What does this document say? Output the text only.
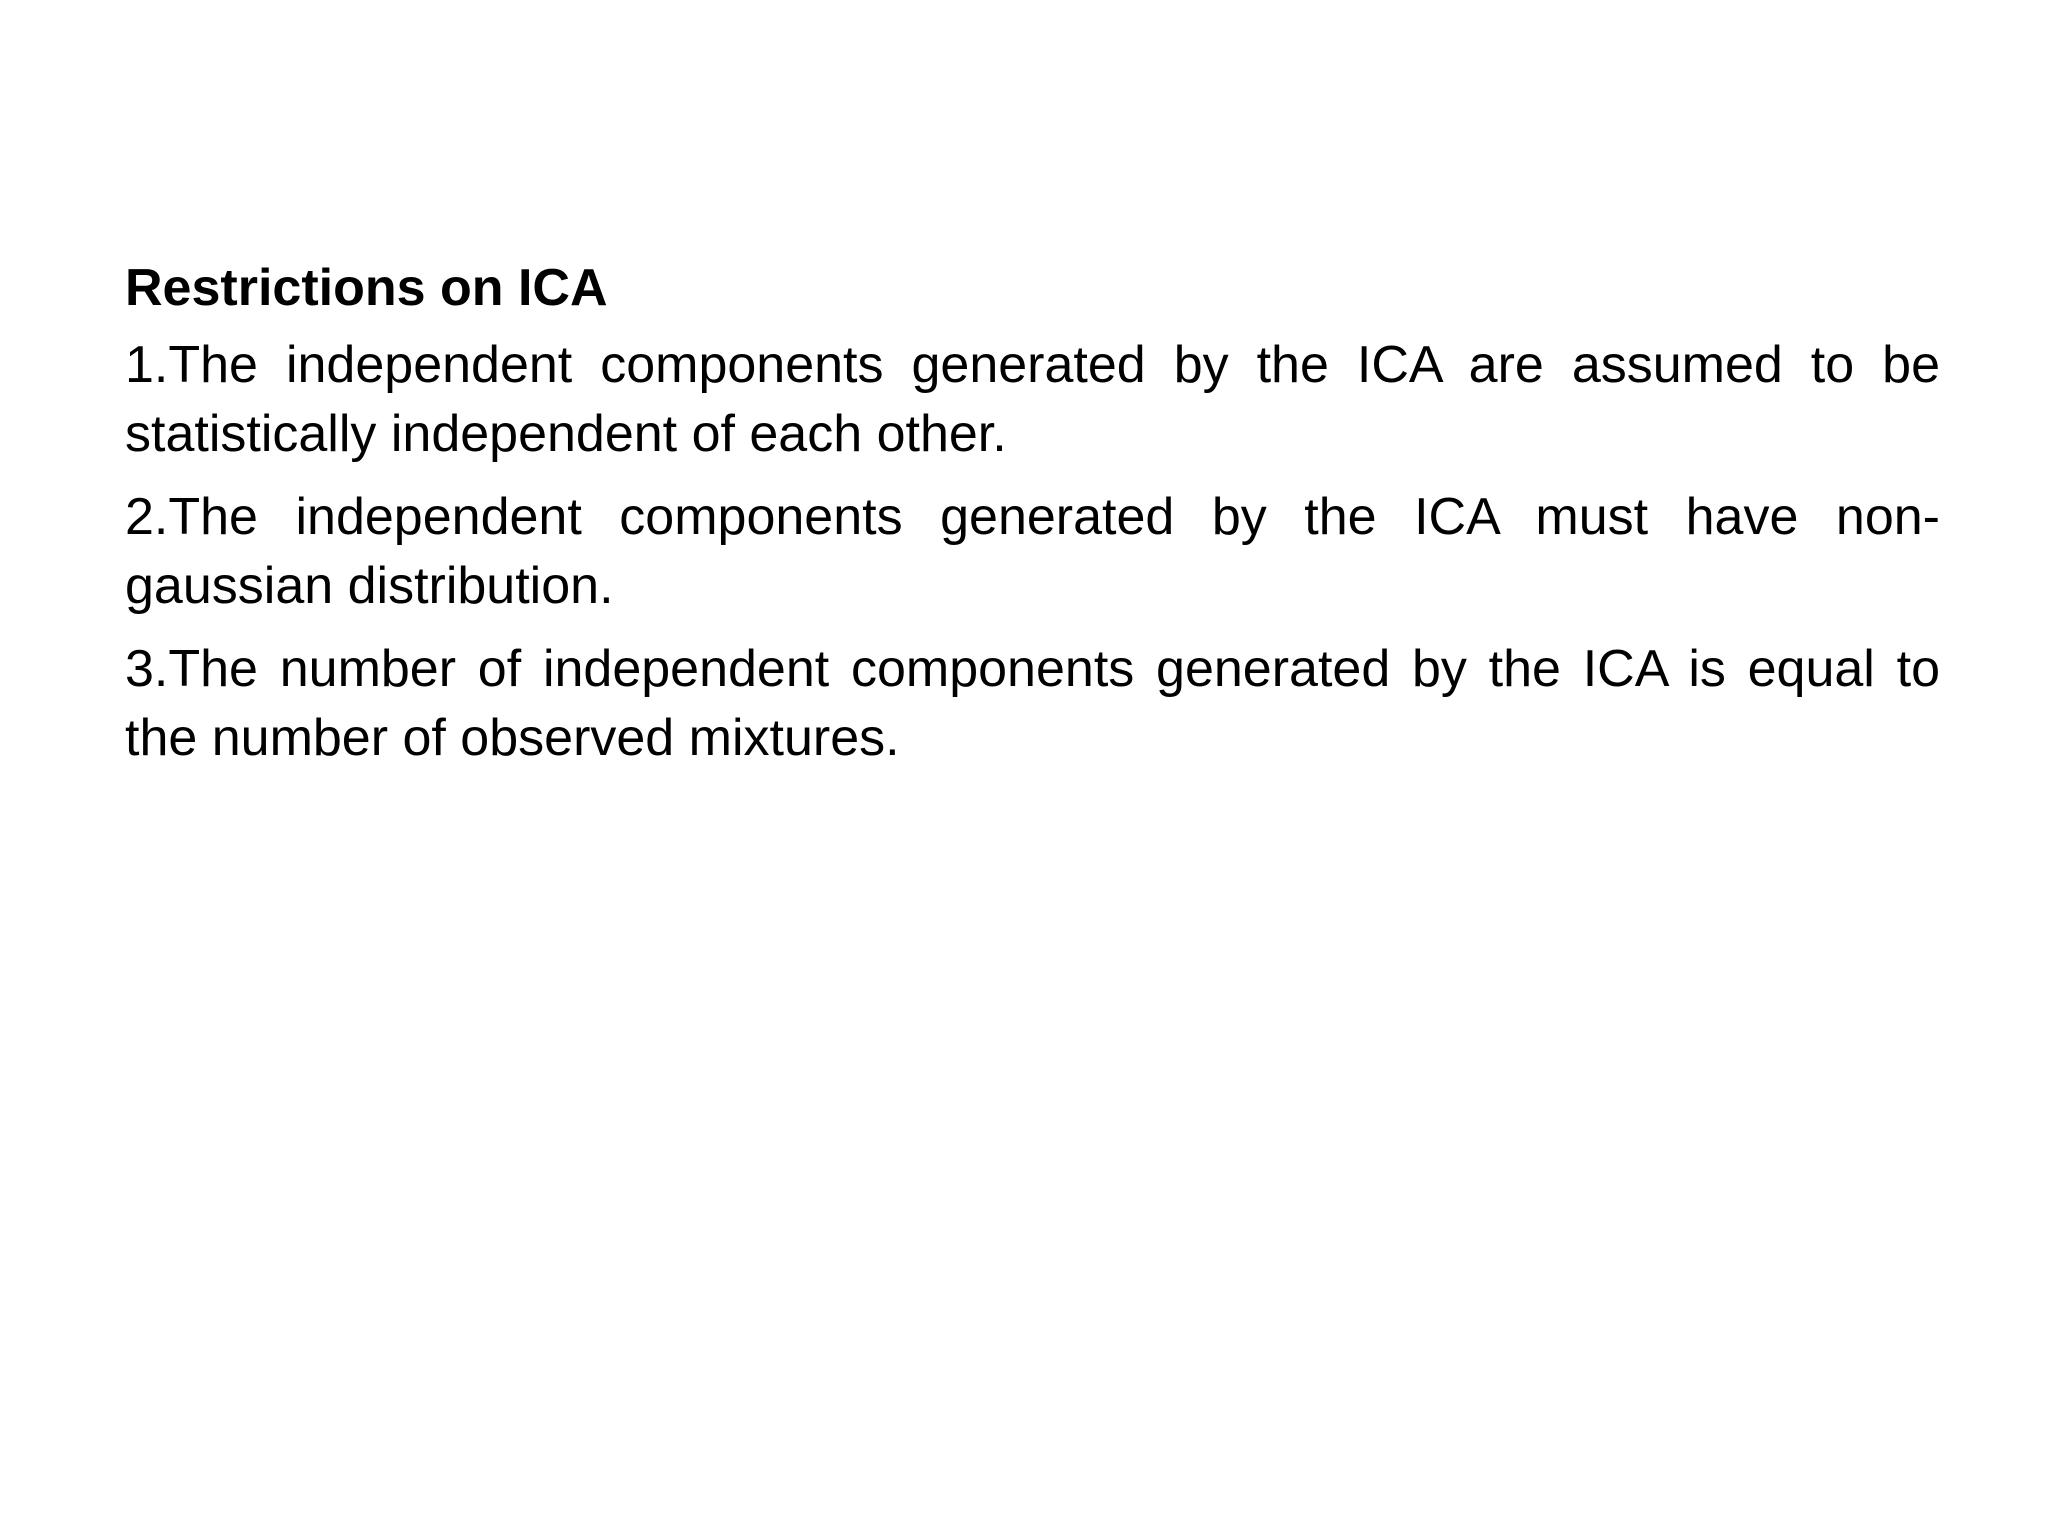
Restrictions on ICA

1.The independent components generated by the ICA are assumed to be statistically independent of each other.

2.The independent components generated by the ICA must have non-gaussian distribution.

3.The number of independent components generated by the ICA is equal to the number of observed mixtures.
